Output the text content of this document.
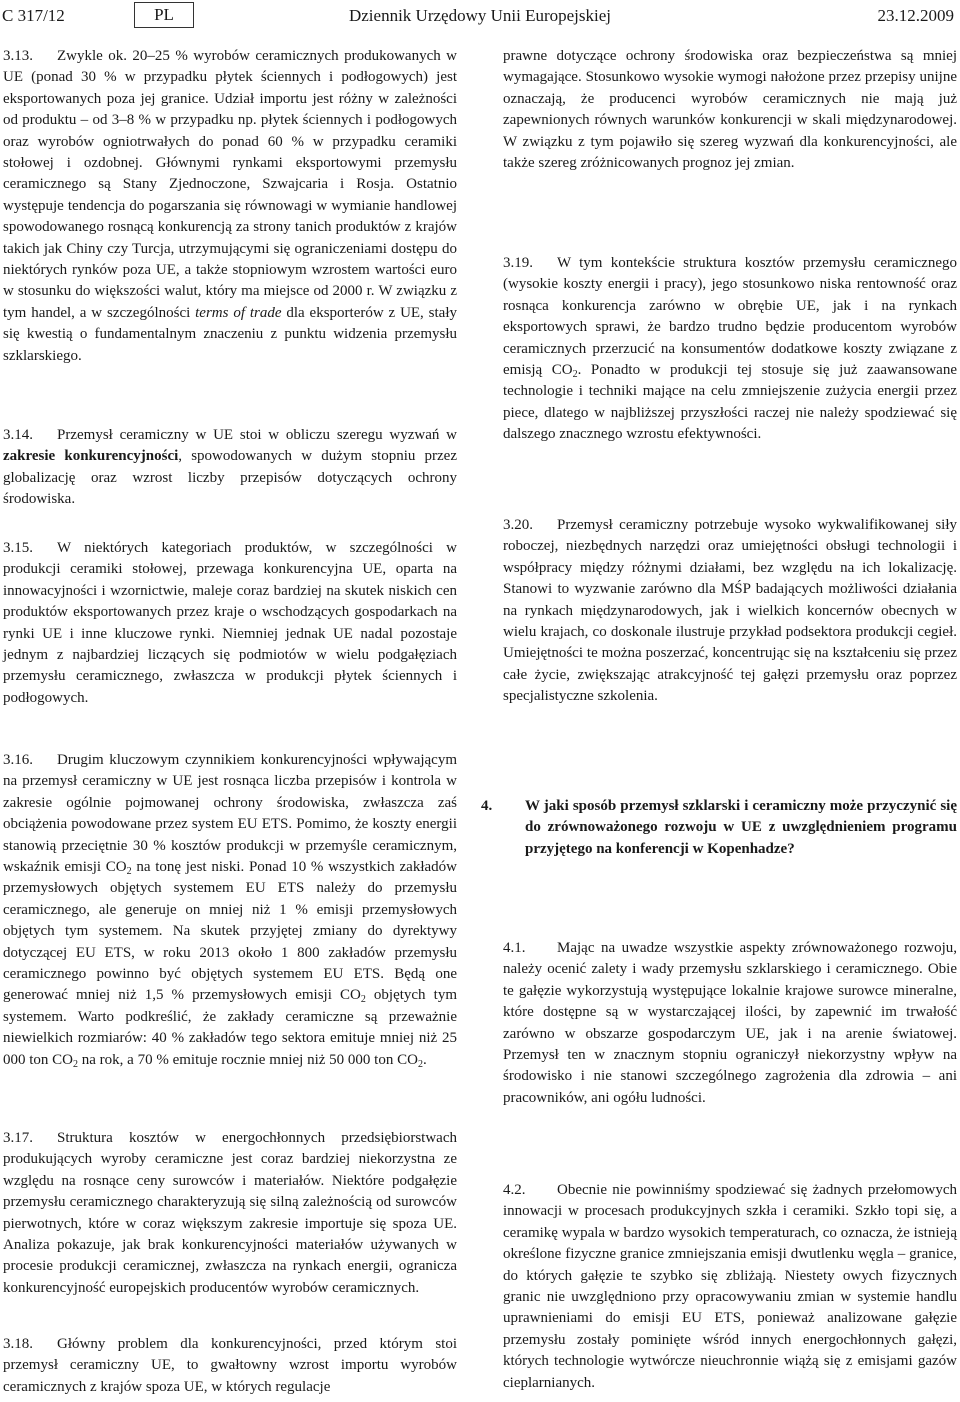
C 317/12	PL	Dziennik Urzędowy Unii Europejskiej	23.12.2009
3.13. Zwykle ok. 20–25 % wyrobów ceramicznych produkowanych w UE (ponad 30 % w przypadku płytek ściennych i podłogowych) jest eksportowanych poza jej granice. Udział importu jest różny w zależności od produktu – od 3–8 % w przypadku np. płytek ściennych i podłogowych oraz wyrobów ogniotrwałych do ponad 60 % w przypadku ceramiki stołowej i ozdobnej. Głównymi rynkami eksportowymi przemysłu ceramicznego są Stany Zjednoczone, Szwajcaria i Rosja. Ostatnio występuje tendencja do pogarszania się równowagi w wymianie handlowej spowodowanego rosnącą konkurencją za strony tanich produktów z krajów takich jak Chiny czy Turcja, utrzymującymi się ograniczeniami dostępu do niektórych rynków poza UE, a także stopniowym wzrostem wartości euro w stosunku do większości walut, który ma miejsce od 2000 r. W związku z tym handel, a w szczególności terms of trade dla eksporterów z UE, stały się kwestią o fundamentalnym znaczeniu z punktu widzenia przemysłu szklarskiego.
3.14. Przemysł ceramiczny w UE stoi w obliczu szeregu wyzwań w zakresie konkurencyjności, spowodowanych w dużym stopniu przez globalizację oraz wzrost liczby przepisów dotyczących ochrony środowiska.
3.15. W niektórych kategoriach produktów, w szczególności w produkcji ceramiki stołowej, przewaga konkurencyjna UE, oparta na innowacyjności i wzornictwie, maleje coraz bardziej na skutek niskich cen produktów eksportowanych przez kraje o wschodzących gospodarkach na rynki UE i inne kluczowe rynki. Niemniej jednak UE nadal pozostaje jednym z najbardziej liczących się podmiotów w wielu podgałęziach przemysłu ceramicznego, zwłaszcza w produkcji płytek ściennych i podłogowych.
3.16. Drugim kluczowym czynnikiem konkurencyjności wpływającym na przemysł ceramiczny w UE jest rosnąca liczba przepisów i kontrola w zakresie ogólnie pojmowanej ochrony środowiska, zwłaszcza zaś obciążenia powodowane przez system EU ETS. Pomimo, że koszty energii stanowią przeciętnie 30 % kosztów produkcji w przemyśle ceramicznym, wskaźnik emisji $CO_2$ na tonę jest niski. Ponad 10 % wszystkich zakładów przemysłowych objętych systemem EU ETS należy do przemysłu ceramicznego, ale generuje on mniej niż 1 % emisji przemysłowych objętych tym systemem. Na skutek przyjętej zmiany do dyrektywy dotyczącej EU ETS, w roku 2013 około 1 800 zakładów przemysłu ceramicznego powinno być objętych systemem EU ETS. Będą one generować mniej niż 1,5 % przemysłowych emisji $CO_2$ objętych tym systemem. Warto podkreślić, że zakłady ceramiczne są przeważnie niewielkich rozmiarów: 40 % zakładów tego sektora emituje mniej niż 25 000 ton $CO_2$ na rok, a 70 % emituje rocznie mniej niż 50 000 ton $CO_2$.
3.17. Struktura kosztów w energochłonnych przedsiębiorstwach produkujących wyroby ceramiczne jest coraz bardziej niekorzystna ze względu na rosnące ceny surowców i materiałów. Niektóre podgałęzie przemysłu ceramicznego charakteryzują się silną zależnością od surowców pierwotnych, które w coraz większym zakresie importuje się spoza UE. Analiza pokazuje, jak brak konkurencyjności materiałów używanych w procesie produkcji ceramicznej, zwłaszcza na rynkach energii, ogranicza konkurencyjność europejskich producentów wyrobów ceramicznych.
3.18. Główny problem dla konkurencyjności, przed którym stoi przemysł ceramiczny UE, to gwałtowny wzrost importu wyrobów ceramicznych z krajów spoza UE, w których regulacje
prawne dotyczące ochrony środowiska oraz bezpieczeństwa są mniej wymagające. Stosunkowo wysokie wymogi nałożone przez przepisy unijne oznaczają, że producenci wyrobów ceramicznych nie mają już zapewnionych równych warunków konkurencji w skali międzynarodowej. W związku z tym pojawiło się szereg wyzwań dla konkurencyjności, ale także szereg zróżnicowanych prognoz jej zmian.
3.19. W tym kontekście struktura kosztów przemysłu ceramicznego (wysokie koszty energii i pracy), jego stosunkowo niska rentowność oraz rosnąca konkurencja zarówno w obrębie UE, jak i na rynkach eksportowych sprawi, że bardzo trudno będzie producentom wyrobów ceramicznych przerzucić na konsumentów dodatkowe koszty związane z emisją $CO_2$. Ponadto w produkcji tej stosuje się już zaawansowane technologie i techniki mające na celu zmniejszenie zużycia energii przez piece, dlatego w najbliższej przyszłości raczej nie należy spodziewać się dalszego znacznego wzrostu efektywności.
3.20. Przemysł ceramiczny potrzebuje wysoko wykwalifikowanej siły roboczej, niezbędnych narzędzi oraz umiejętności obsługi technologii i współpracy między różnymi działami, bez względu na ich lokalizację. Stanowi to wyzwanie zarówno dla MŚP badających możliwości działania na rynkach międzynarodowych, jak i wielkich koncernów obecnych w wielu krajach, co doskonale ilustruje przykład podsektora produkcji cegieł. Umiejętności te można poszerzać, koncentrując się na kształceniu się przez całe życie, zwiększając atrakcyjność tej gałęzi przemysłu oraz poprzez specjalistyczne szkolenia.
4. W jaki sposób przemysł szklarski i ceramiczny może przyczynić się do zrównoważonego rozwoju w UE z uwzględnieniem programu przyjętego na konferencji w Kopenhadze?
4.1. Mając na uwadze wszystkie aspekty zrównoważonego rozwoju, należy ocenić zalety i wady przemysłu szklarskiego i ceramicznego. Obie te gałęzie wykorzystują występujące lokalnie krajowe surowce mineralne, które dostępne są w wystarczającej ilości, by zapewnić im trwałość zarówno w obszarze gospodarczym UE, jak i na arenie światowej. Przemysł ten w znacznym stopniu ograniczył niekorzystny wpływ na środowisko i nie stanowi szczególnego zagrożenia dla zdrowia – ani pracowników, ani ogółu ludności.
4.2. Obecnie nie powinniśmy spodziewać się żadnych przełomowych innowacji w procesach produkcyjnych szkła i ceramiki. Szkło topi się, a ceramikę wypala w bardzo wysokich temperaturach, co oznacza, że istnieją określone fizyczne granice zmniejszania emisji dwutlenku węgla – granice, do których gałęzie te szybko się zbliżają. Niestety owych fizycznych granic nie uwzględniono przy opracowywaniu zmian w systemie handlu uprawnieniami do emisji EU ETS, ponieważ analizowane gałęzie przemysłu zostały pominięte wśród innych energochłonnych gałęzi, których technologie wytwórcze nieuchronnie wiążą się z emisjami gazów cieplarnianych.
